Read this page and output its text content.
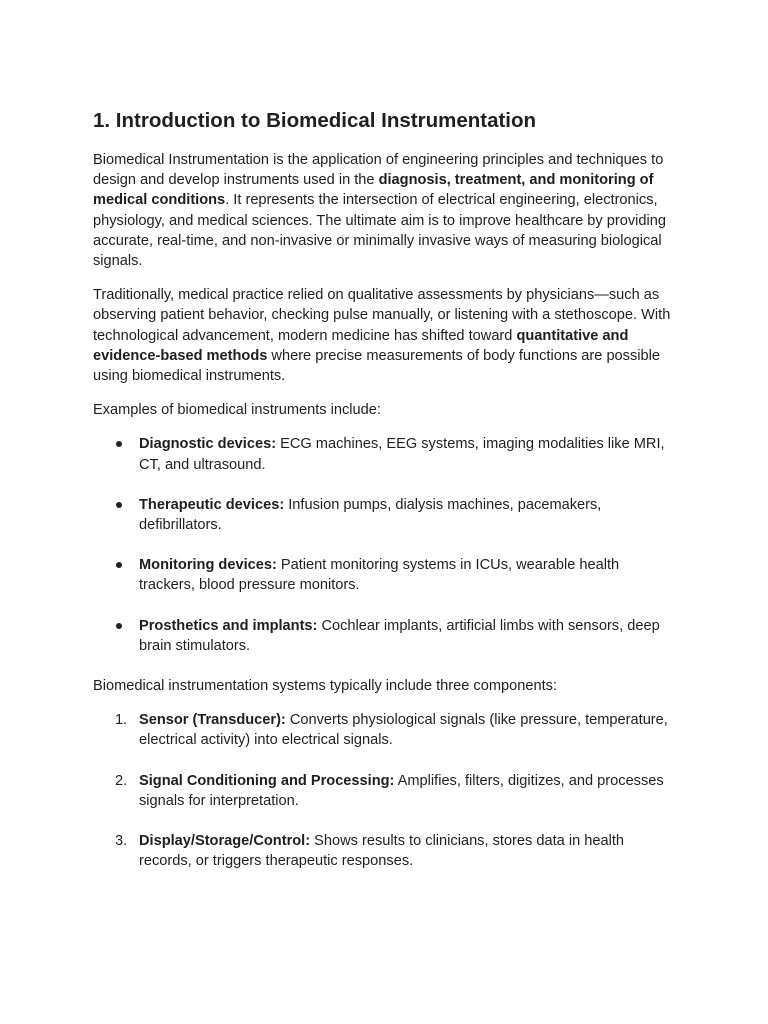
1. Introduction to Biomedical Instrumentation

Biomedical Instrumentation is the application of engineering principles and techniques to design and develop instruments used in the diagnosis, treatment, and monitoring of medical conditions. It represents the intersection of electrical engineering, electronics, physiology, and medical sciences. The ultimate aim is to improve healthcare by providing accurate, real-time, and non-invasive or minimally invasive ways of measuring biological signals.

Traditionally, medical practice relied on qualitative assessments by physicians—such as observing patient behavior, checking pulse manually, or listening with a stethoscope. With technological advancement, modern medicine has shifted toward quantitative and evidence-based methods where precise measurements of body functions are possible using biomedical instruments.

Examples of biomedical instruments include:

Diagnostic devices: ECG machines, EEG systems, imaging modalities like MRI, CT, and ultrasound.
Therapeutic devices: Infusion pumps, dialysis machines, pacemakers, defibrillators.
Monitoring devices: Patient monitoring systems in ICUs, wearable health trackers, blood pressure monitors.
Prosthetics and implants: Cochlear implants, artificial limbs with sensors, deep brain stimulators.

Biomedical instrumentation systems typically include three components:

1. Sensor (Transducer): Converts physiological signals (like pressure, temperature, electrical activity) into electrical signals.
2. Signal Conditioning and Processing: Amplifies, filters, digitizes, and processes signals for interpretation.
3. Display/Storage/Control: Shows results to clinicians, stores data in health records, or triggers therapeutic responses.
